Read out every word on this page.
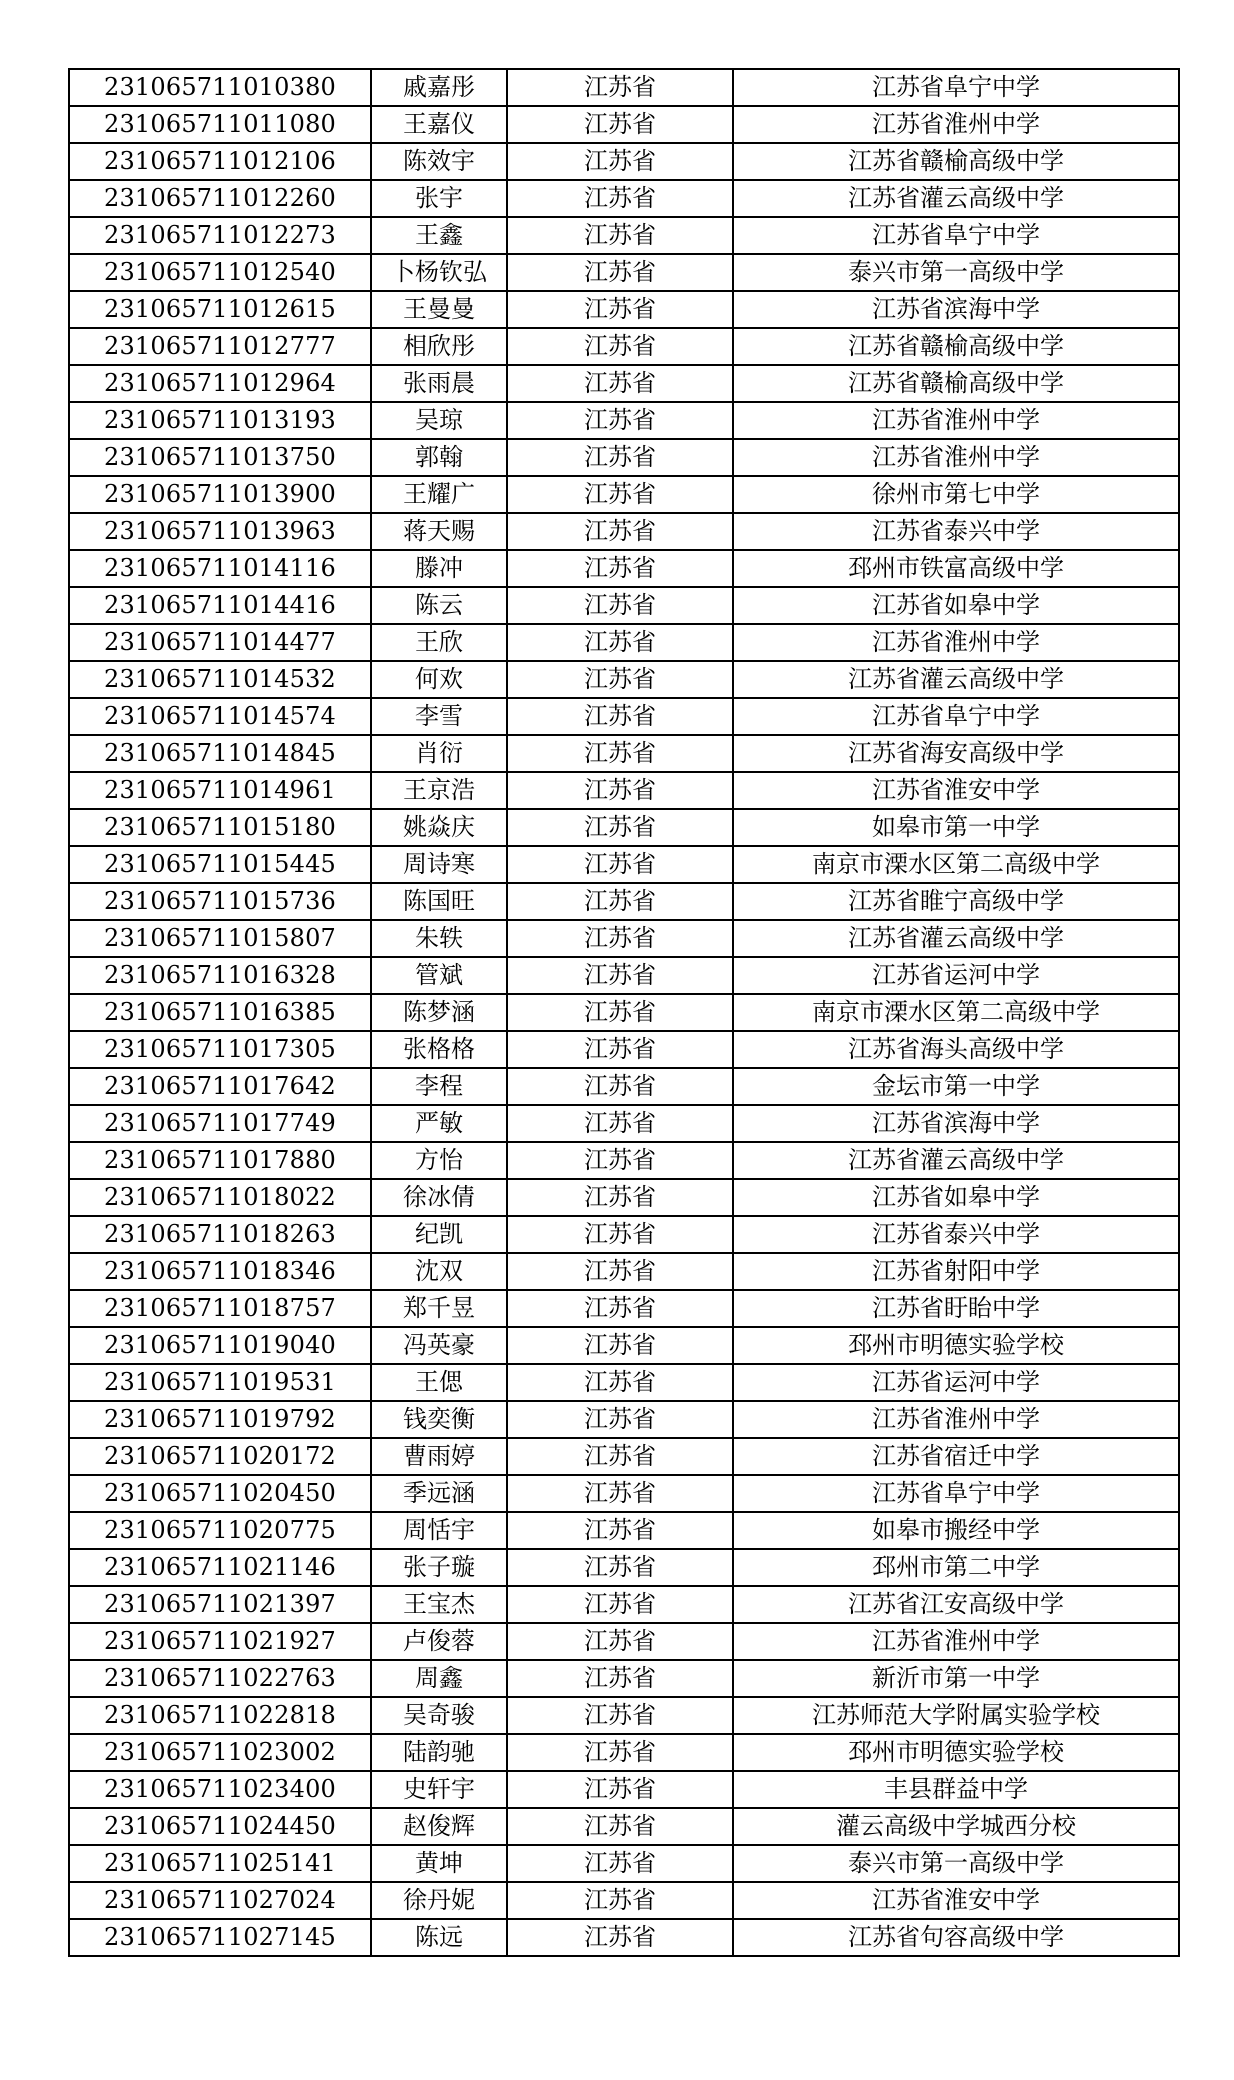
231065711010380	戚嘉彤	江苏省	江苏省阜宁中学
231065711011080	王嘉仪	江苏省	江苏省淮州中学
231065711012106	陈效宇	江苏省	江苏省赣榆高级中学
231065711012260	张宇	江苏省	江苏省灌云高级中学
231065711012273	王鑫	江苏省	江苏省阜宁中学
231065711012540	卜杨钦弘	江苏省	泰兴市第一高级中学
231065711012615	王曼曼	江苏省	江苏省滨海中学
231065711012777	相欣彤	江苏省	江苏省赣榆高级中学
231065711012964	张雨晨	江苏省	江苏省赣榆高级中学
231065711013193	吴琼	江苏省	江苏省淮州中学
231065711013750	郭翰	江苏省	江苏省淮州中学
231065711013900	王耀广	江苏省	徐州市第七中学
231065711013963	蒋天赐	江苏省	江苏省泰兴中学
231065711014116	滕冲	江苏省	邳州市铁富高级中学
231065711014416	陈云	江苏省	江苏省如皋中学
231065711014477	王欣	江苏省	江苏省淮州中学
231065711014532	何欢	江苏省	江苏省灌云高级中学
231065711014574	李雪	江苏省	江苏省阜宁中学
231065711014845	肖衍	江苏省	江苏省海安高级中学
231065711014961	王京浩	江苏省	江苏省淮安中学
231065711015180	姚焱庆	江苏省	如皋市第一中学
231065711015445	周诗寒	江苏省	南京市溧水区第二高级中学
231065711015736	陈国旺	江苏省	江苏省睢宁高级中学
231065711015807	朱轶	江苏省	江苏省灌云高级中学
231065711016328	管斌	江苏省	江苏省运河中学
231065711016385	陈梦涵	江苏省	南京市溧水区第二高级中学
231065711017305	张格格	江苏省	江苏省海头高级中学
231065711017642	李程	江苏省	金坛市第一中学
231065711017749	严敏	江苏省	江苏省滨海中学
231065711017880	方怡	江苏省	江苏省灌云高级中学
231065711018022	徐冰倩	江苏省	江苏省如皋中学
231065711018263	纪凯	江苏省	江苏省泰兴中学
231065711018346	沈双	江苏省	江苏省射阳中学
231065711018757	郑千昱	江苏省	江苏省盱眙中学
231065711019040	冯英豪	江苏省	邳州市明德实验学校
231065711019531	王偲	江苏省	江苏省运河中学
231065711019792	钱奕衡	江苏省	江苏省淮州中学
231065711020172	曹雨婷	江苏省	江苏省宿迁中学
231065711020450	季远涵	江苏省	江苏省阜宁中学
231065711020775	周恬宇	江苏省	如皋市搬经中学
231065711021146	张子璇	江苏省	邳州市第二中学
231065711021397	王宝杰	江苏省	江苏省江安高级中学
231065711021927	卢俊蓉	江苏省	江苏省淮州中学
231065711022763	周鑫	江苏省	新沂市第一中学
231065711022818	吴奇骏	江苏省	江苏师范大学附属实验学校
231065711023002	陆韵驰	江苏省	邳州市明德实验学校
231065711023400	史轩宇	江苏省	丰县群益中学
231065711024450	赵俊辉	江苏省	灌云高级中学城西分校
231065711025141	黄坤	江苏省	泰兴市第一高级中学
231065711027024	徐丹妮	江苏省	江苏省淮安中学
231065711027145	陈远	江苏省	江苏省句容高级中学
